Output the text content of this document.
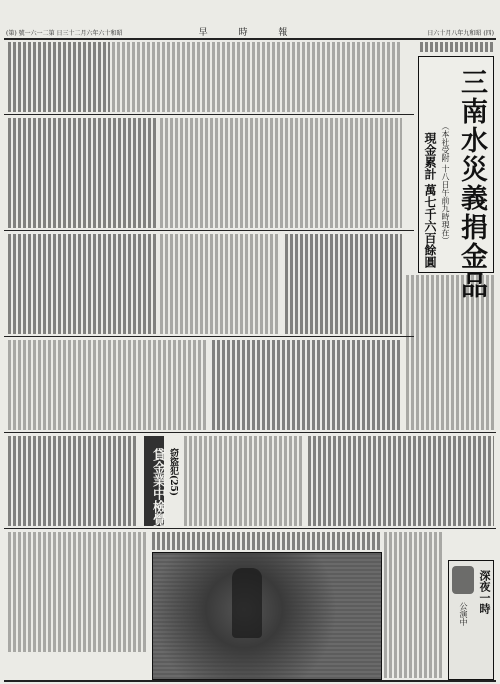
(第) 號一六一二第 日三十二月六年六十和昭	早 時 報	日六十月八年九和昭 (四)
三南水災義捐金品
（本社受附 十八日午前九時現在）
現金累計 萬七千六百餘圓
貸金業中檢覺 窃盜犯(25)
深夜一時
公演中
